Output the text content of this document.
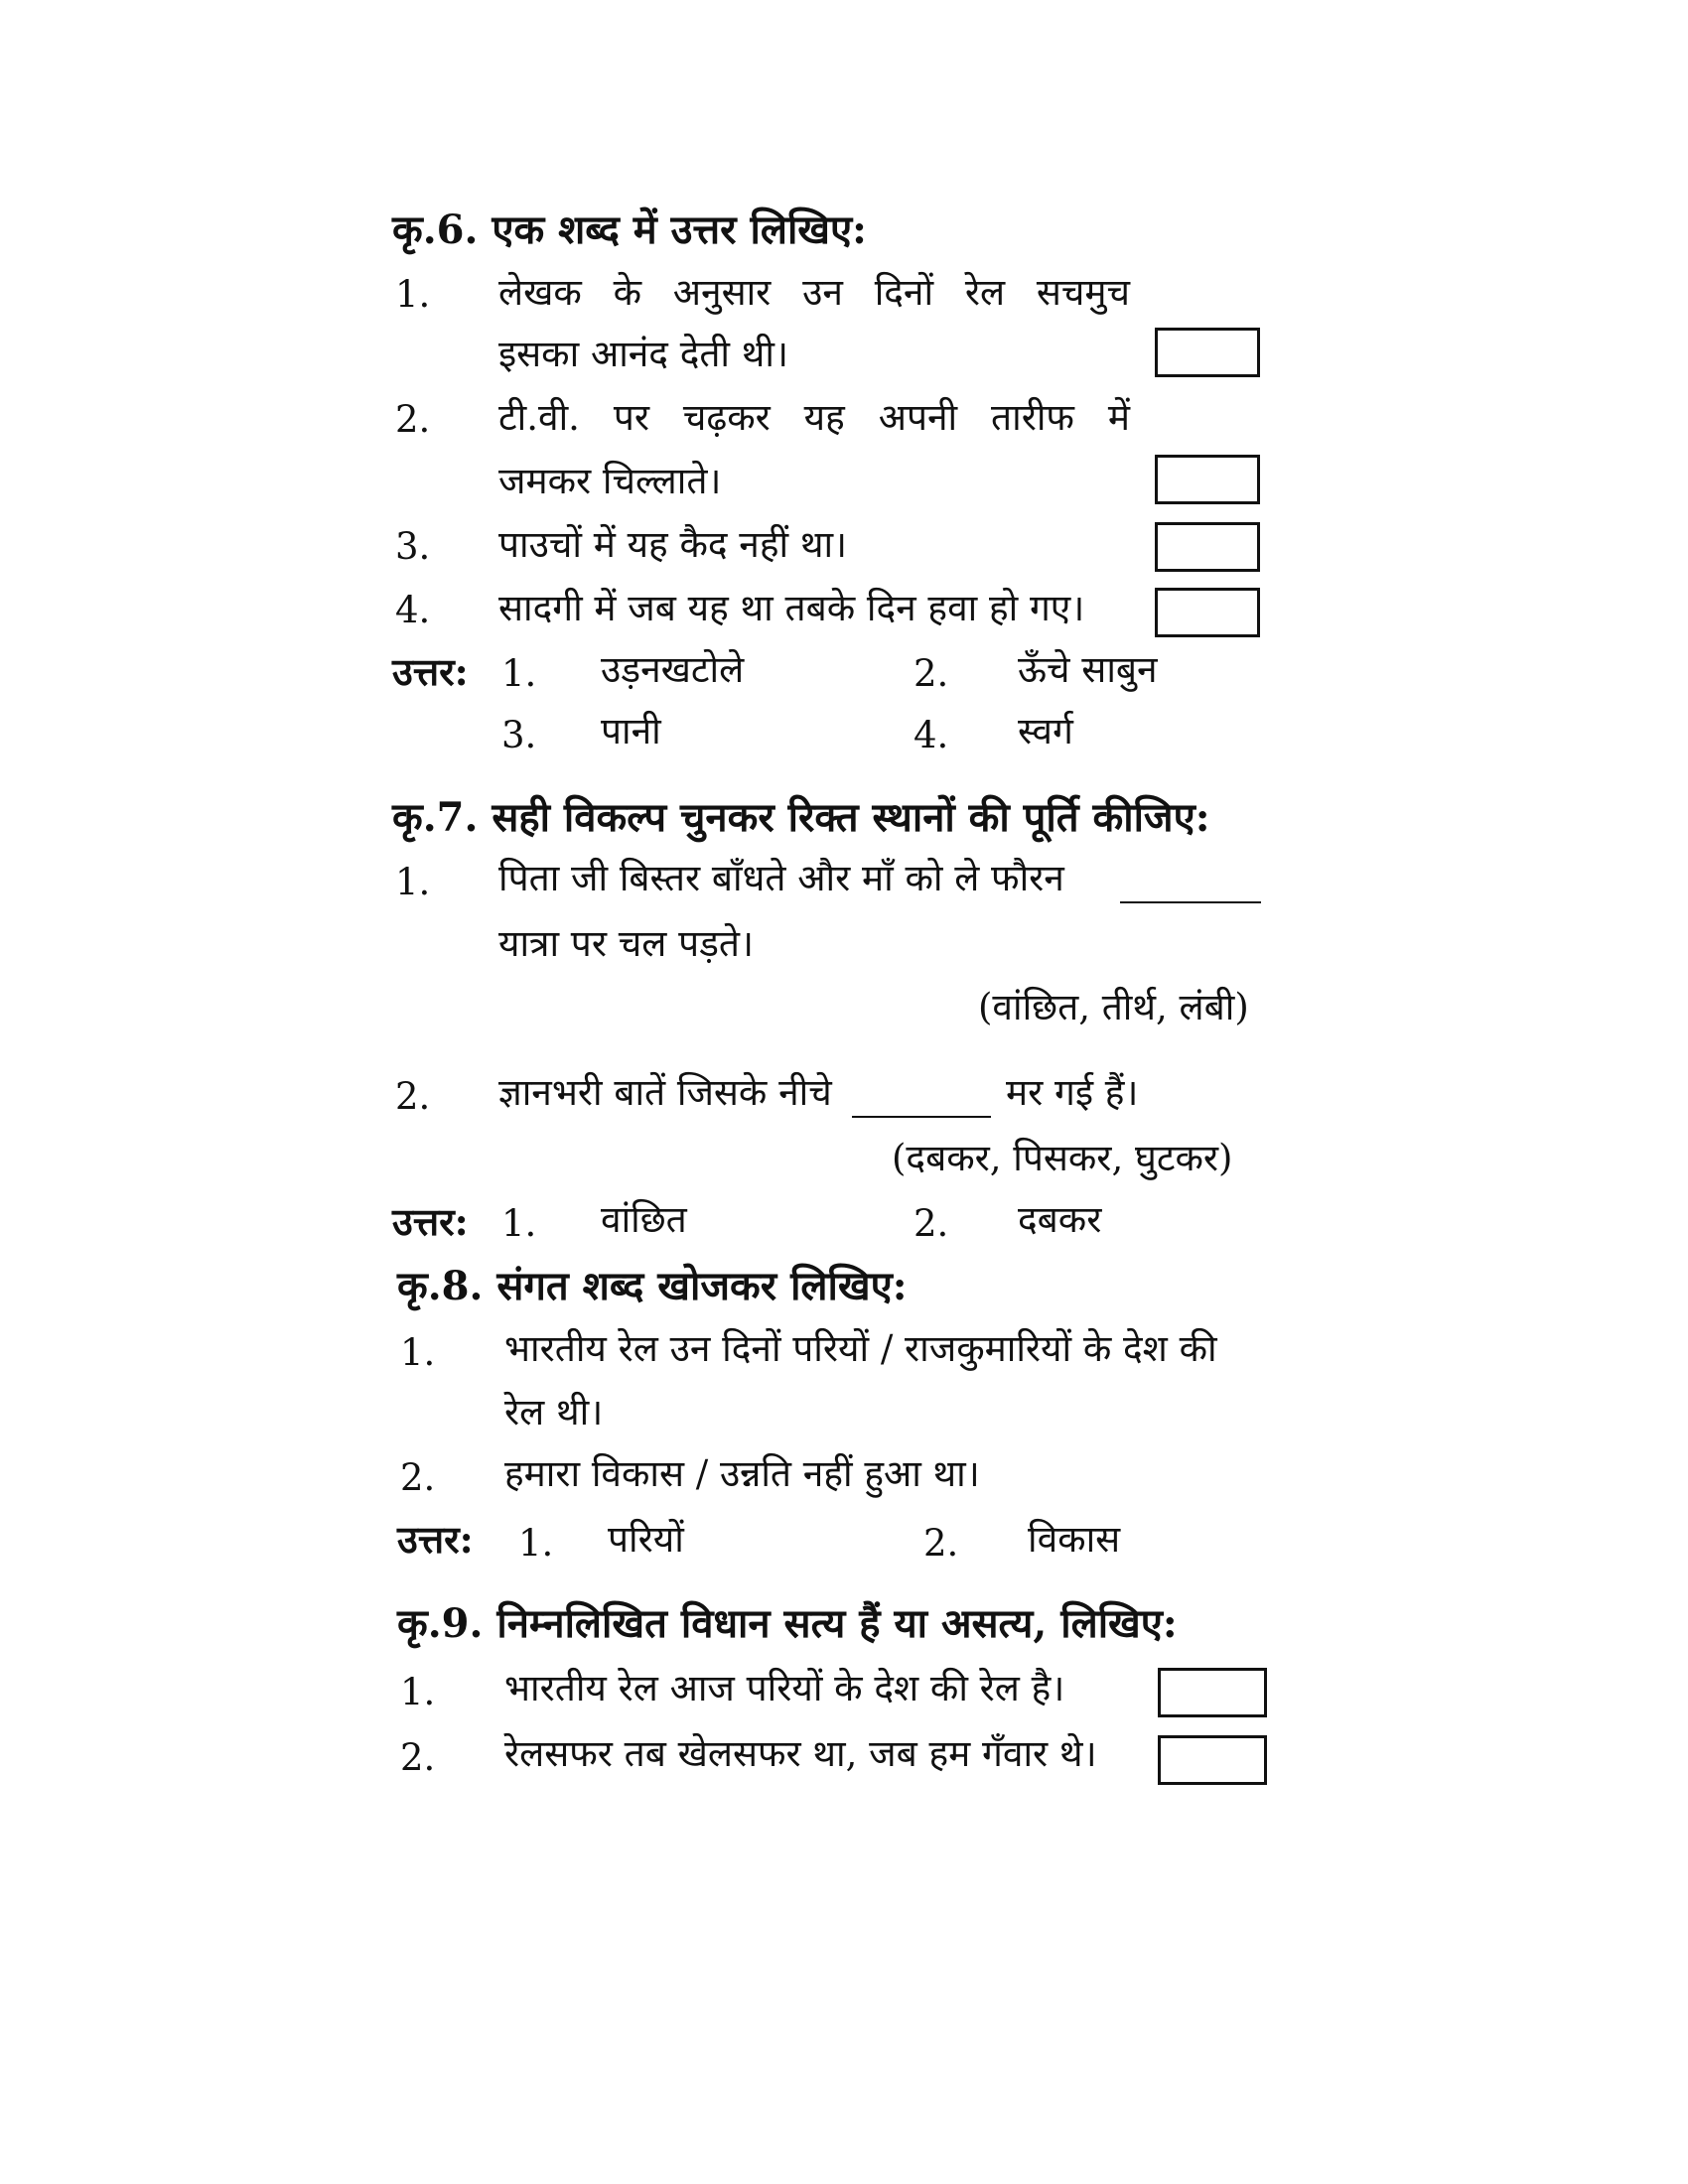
कृ.6. एक शब्द में उत्तर लिखिए:
1. लेखक के अनुसार उन दिनों रेल सचमुच
इसका आनंद देती थी।
2. टी.वी. पर चढ़कर यह अपनी तारीफ में
जमकर चिल्लाते।
3. पाउचों में यह कैद नहीं था।
4. सादगी में जब यह था तबके दिन हवा हो गए।
उत्तर: 1. उड़नखटोले	2. ऊँचे साबुन
3. पानी	4. स्वर्ग
कृ.7. सही विकल्प चुनकर रिक्त स्थानों की पूर्ति कीजिए:
1. पिता जी बिस्तर बाँधते और माँ को ले फौरन
यात्रा पर चल पड़ते।
(वांछित, तीर्थ, लंबी)
2. ज्ञानभरी बातें जिसके नीचे	मर गई हैं।
(दबकर, पिसकर, घुटकर)
उत्तर: 1. वांछित	2. दबकर
कृ.8. संगत शब्द खोजकर लिखिए:
1. भारतीय रेल उन दिनों परियों / राजकुमारियों के देश की
रेल थी।
2. हमारा विकास / उन्नति नहीं हुआ था।
उत्तर: 1. परियों	2. विकास
कृ.9. निम्नलिखित विधान सत्य हैं या असत्य, लिखिए:
1. भारतीय रेल आज परियों के देश की रेल है।
2. रेलसफर तब खेलसफर था, जब हम गँवार थे।
